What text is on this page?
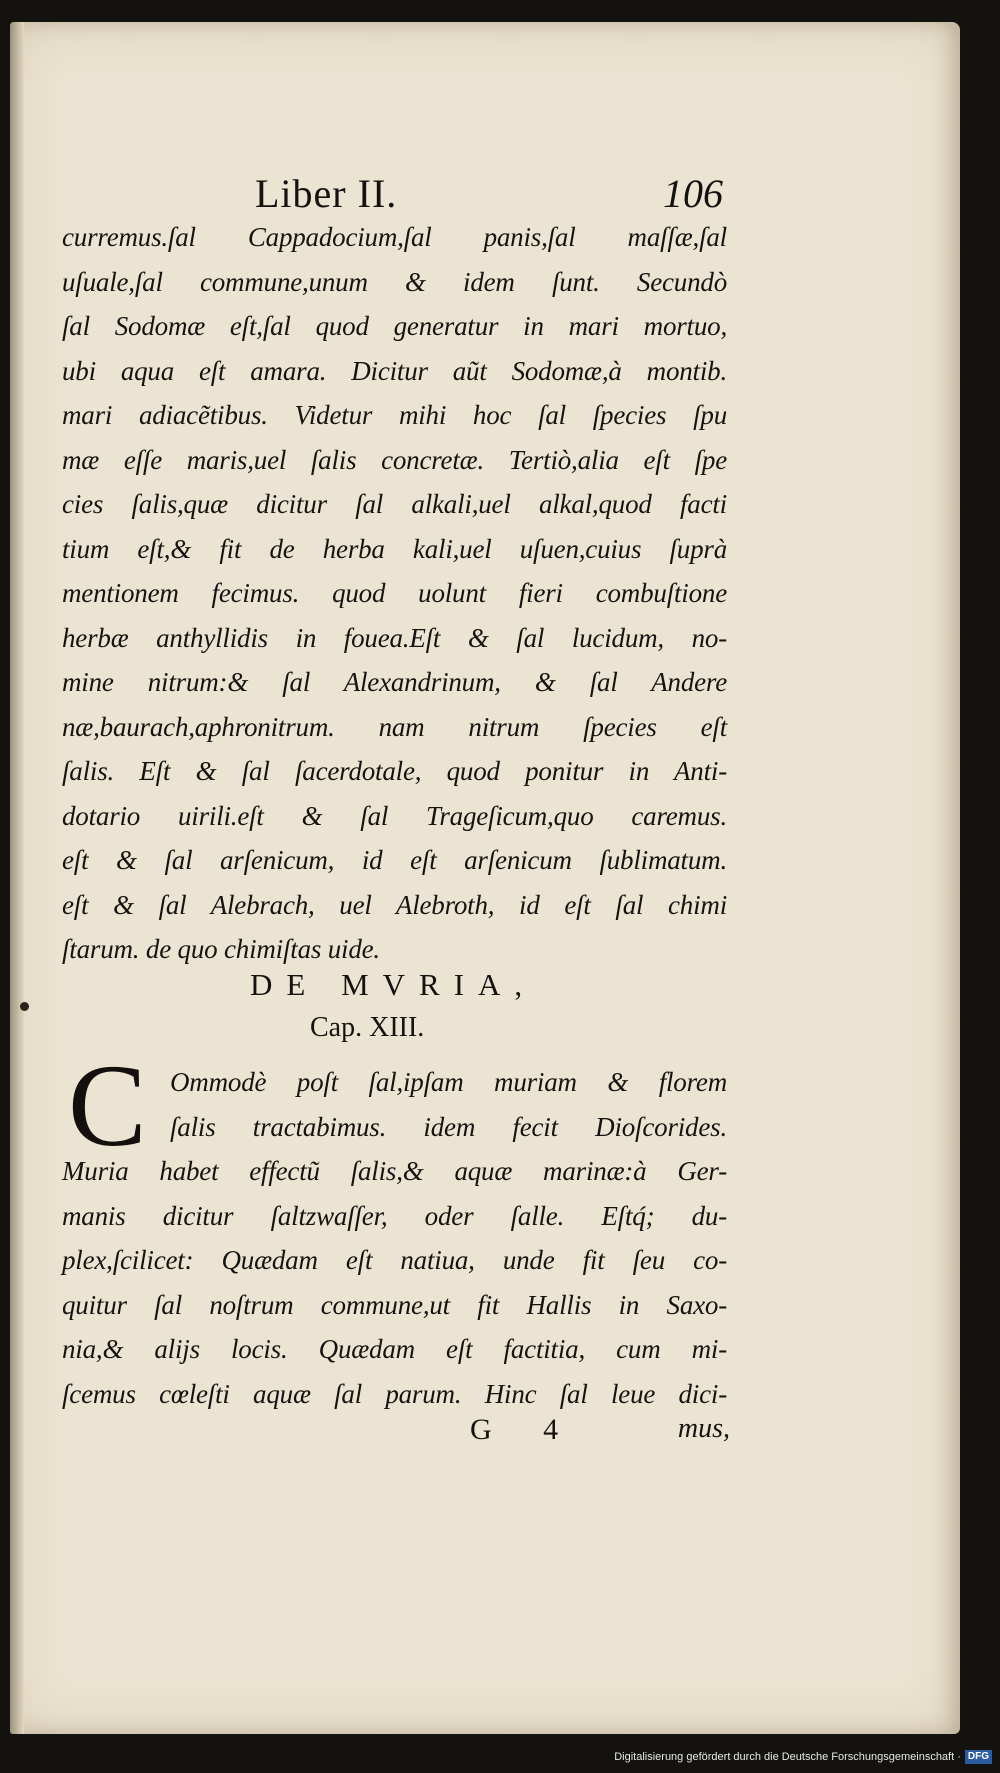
Liber II.	106
curremus.ſal Cappadocium,ſal panis,ſal maſſæ,ſal
uſuale,ſal commune,unum & idem ſunt. Secundò
ſal Sodomæ eſt,ſal quod generatur in mari mortuo,
ubi aqua eſt amara. Dicitur aũt Sodomæ,à montib.
mari adiacẽtibus. Videtur mihi hoc ſal ſpecies ſpu
mæ eſſe maris,uel ſalis concretæ. Tertiò,alia eſt ſpe
cies ſalis,quæ dicitur ſal alkali,uel alkal,quod facti
tium eſt,& fit de herba kali,uel uſuen,cuius ſuprà
mentionem fecimus. quod uolunt fieri combuſtione
herbæ anthyllidis in fouea.Eſt & ſal lucidum, no-
mine nitrum:& ſal Alexandrinum, & ſal Andere
næ,baurach,aphronitrum. nam nitrum ſpecies eſt
ſalis. Eſt & ſal ſacerdotale, quod ponitur in Anti-
dotario uirili.eſt & ſal Trageſicum,quo caremus.
eſt & ſal arſenicum, id eſt arſenicum ſublimatum.
eſt & ſal Alebrach, uel Alebroth, id eſt ſal chimi
ſtarum. de quo chimiſtas uide.
DE MVRIA,
Cap. XIII.
C Ommodè poſt ſal,ipſam muriam & florem
ſalis tractabimus. idem fecit Dioſcorides.
Muria habet effectũ ſalis,& aquæ marinæ:à Ger-
manis dicitur ſaltzwaſſer, oder ſalle. Eſtq́; du-
plex,ſcilicet: Quædam eſt natiua, unde fit ſeu co-
quitur ſal noſtrum commune,ut fit Hallis in Saxo-
nia,& alijs locis. Quædam eſt factitia, cum mi-
ſcemus cœleſti aquæ ſal parum. Hinc ſal leue dici-
G 4	mus,
Digitalisierung gefördert durch die Deutsche Forschungsgemeinschaft · DFG
